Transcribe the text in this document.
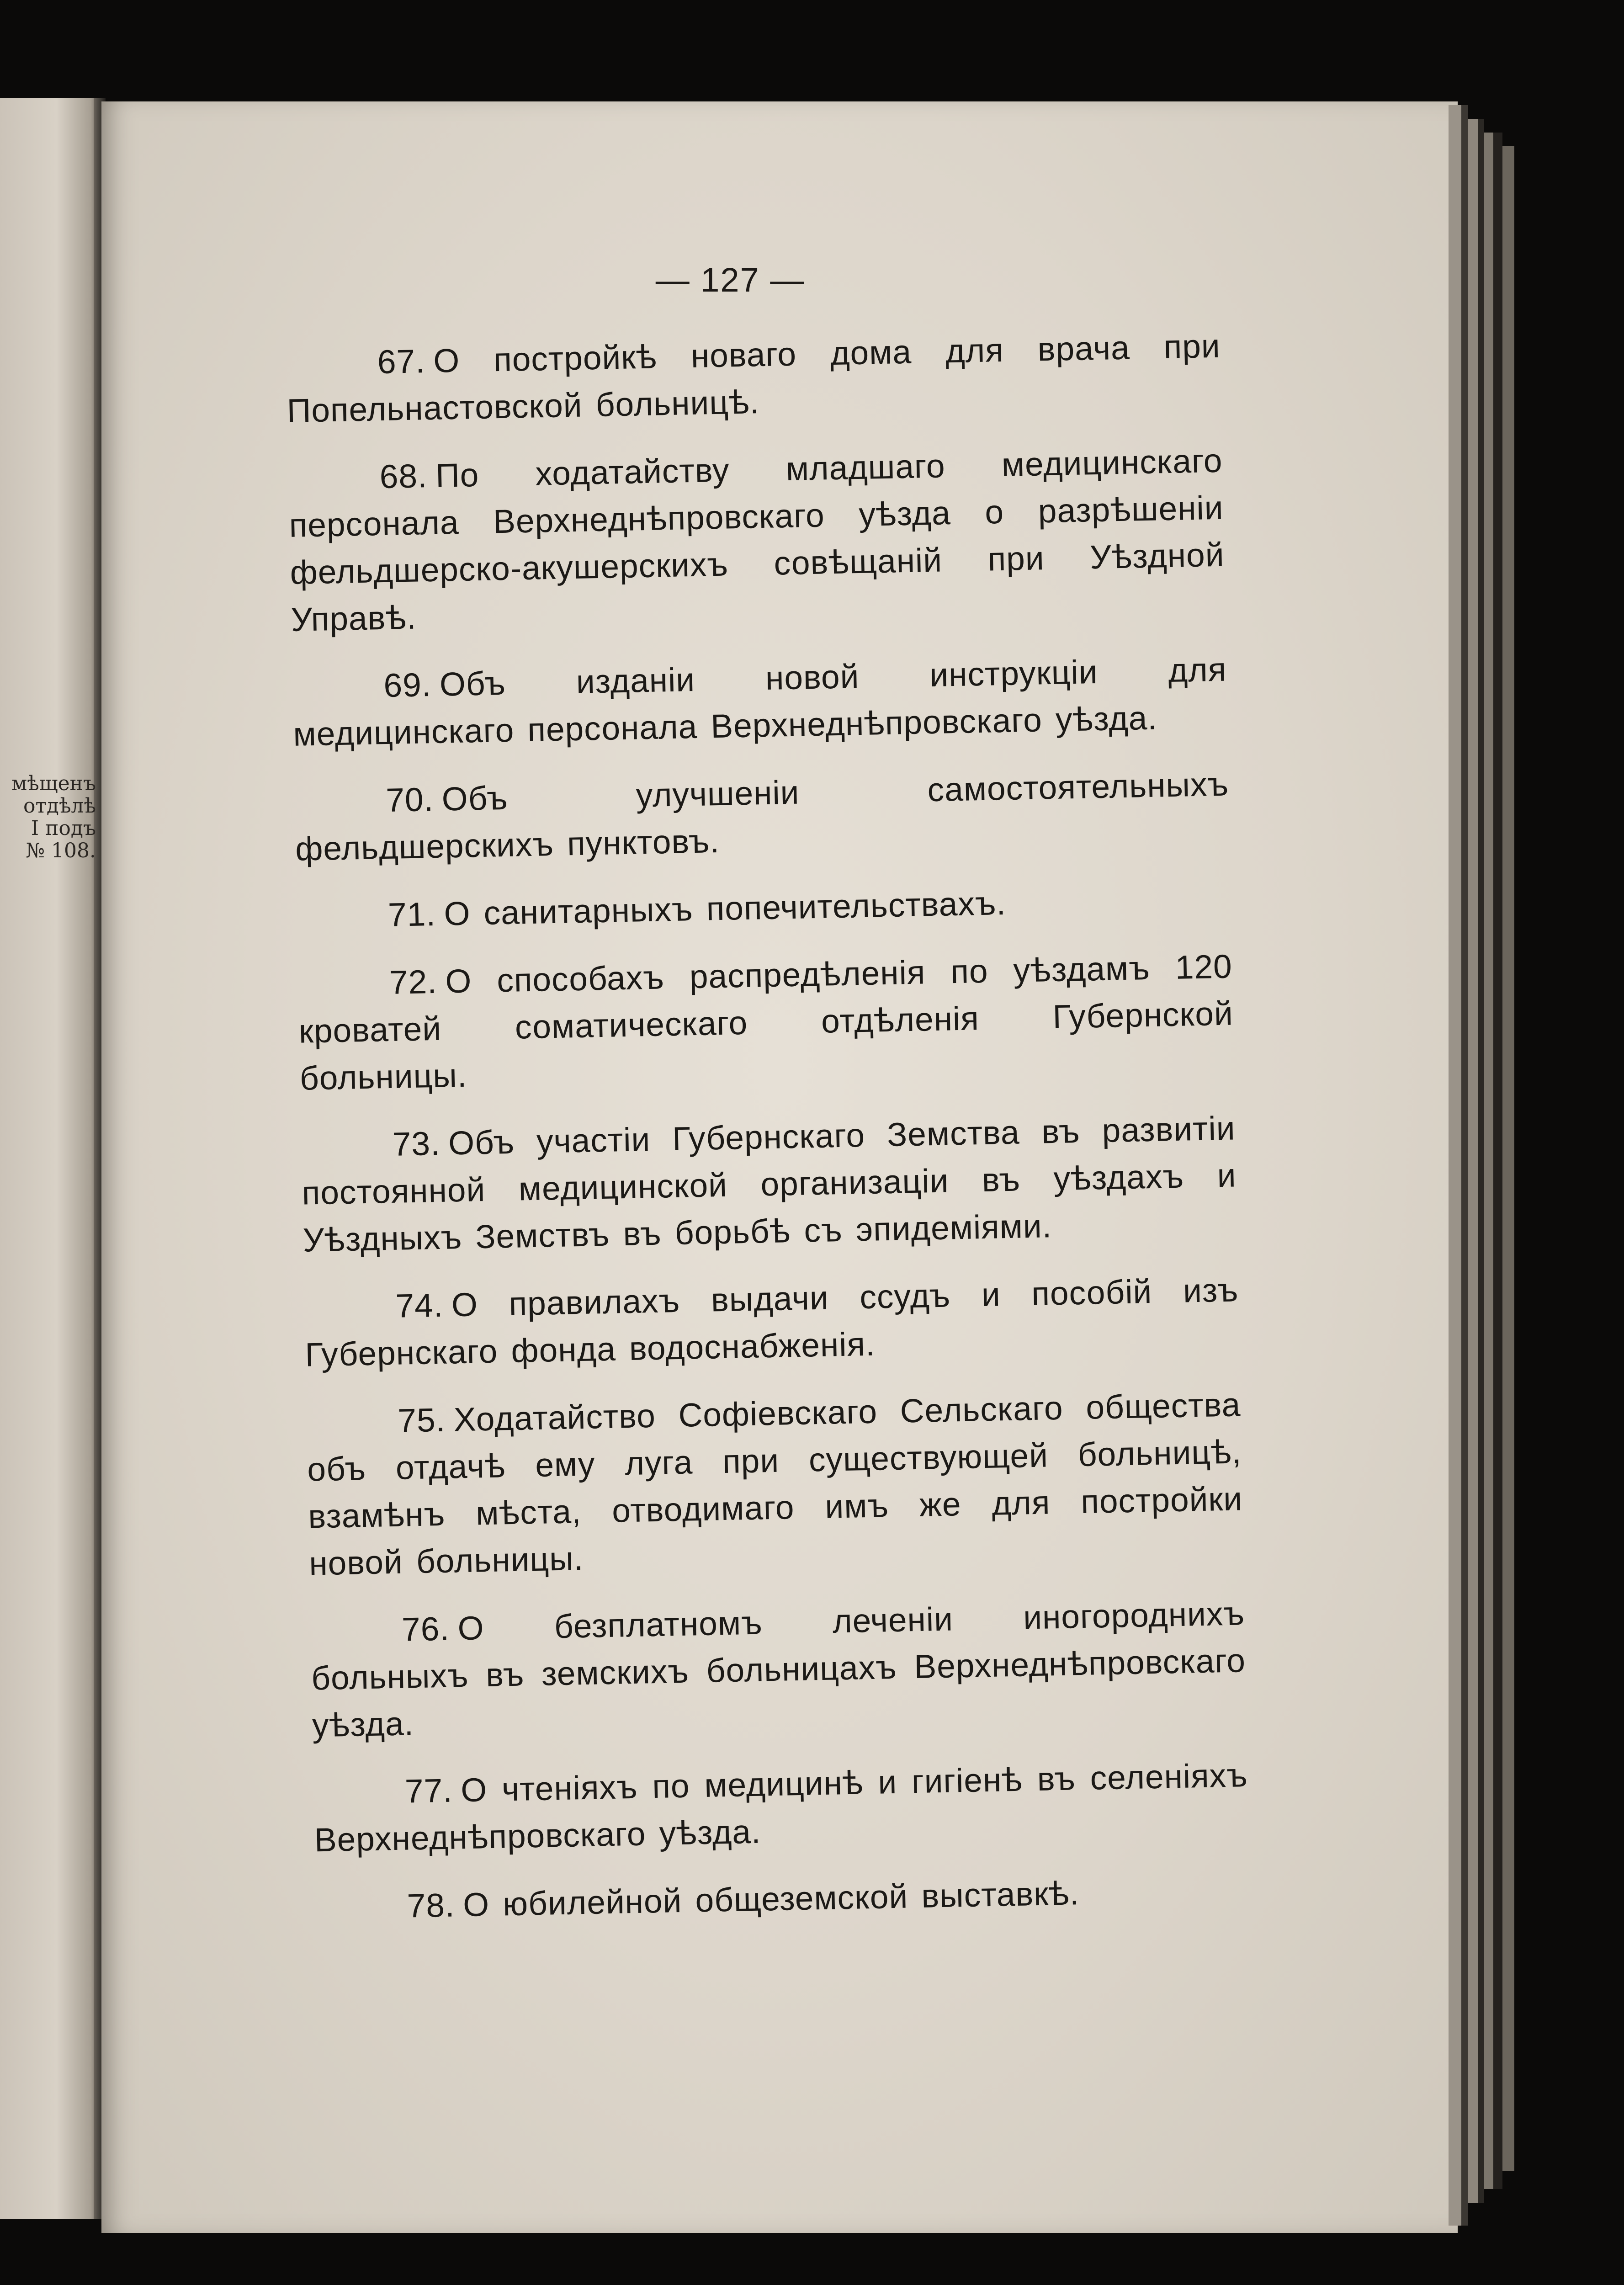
мѣщенъ
отдѣлѣ
I подъ
№ 108.
— 127 —

67. О постройкѣ новаго дома для врача при Попельнастовской больницѣ.

68. По ходатайству младшаго медицинскаго персонала Верхнеднѣпровскаго уѣзда о разрѣшеніи фельдшерско-акушерскихъ совѣщаній при Уѣздной Управѣ.

69. Объ изданіи новой инструкціи для медицинскаго персонала Верхнеднѣпровскаго уѣзда.

70. Объ улучшеніи самостоятельныхъ фельдшерскихъ пунктовъ.

71. О санитарныхъ попечительствахъ.

72. О способахъ распредѣленія по уѣздамъ 120 кроватей соматическаго отдѣленія Губернской больницы.

73. Объ участіи Губернскаго Земства въ развитіи постоянной медицинской организаціи въ уѣздахъ и Уѣздныхъ Земствъ въ борьбѣ съ эпидеміями.

74. О правилахъ выдачи ссудъ и пособій изъ Губернскаго фонда водоснабженія.

75. Ходатайство Софіевскаго Сельскаго общества объ отдачѣ ему луга при существующей больницѣ, взамѣнъ мѣста, отводимаго имъ же для постройки новой больницы.

76. О безплатномъ леченіи иногороднихъ больныхъ въ земскихъ больницахъ Верхнеднѣпровскаго уѣзда.

77. О чтеніяхъ по медицинѣ и гигіенѣ въ селеніяхъ Верхнеднѣпровскаго уѣзда.

78. О юбилейной общеземской выставкѣ.
